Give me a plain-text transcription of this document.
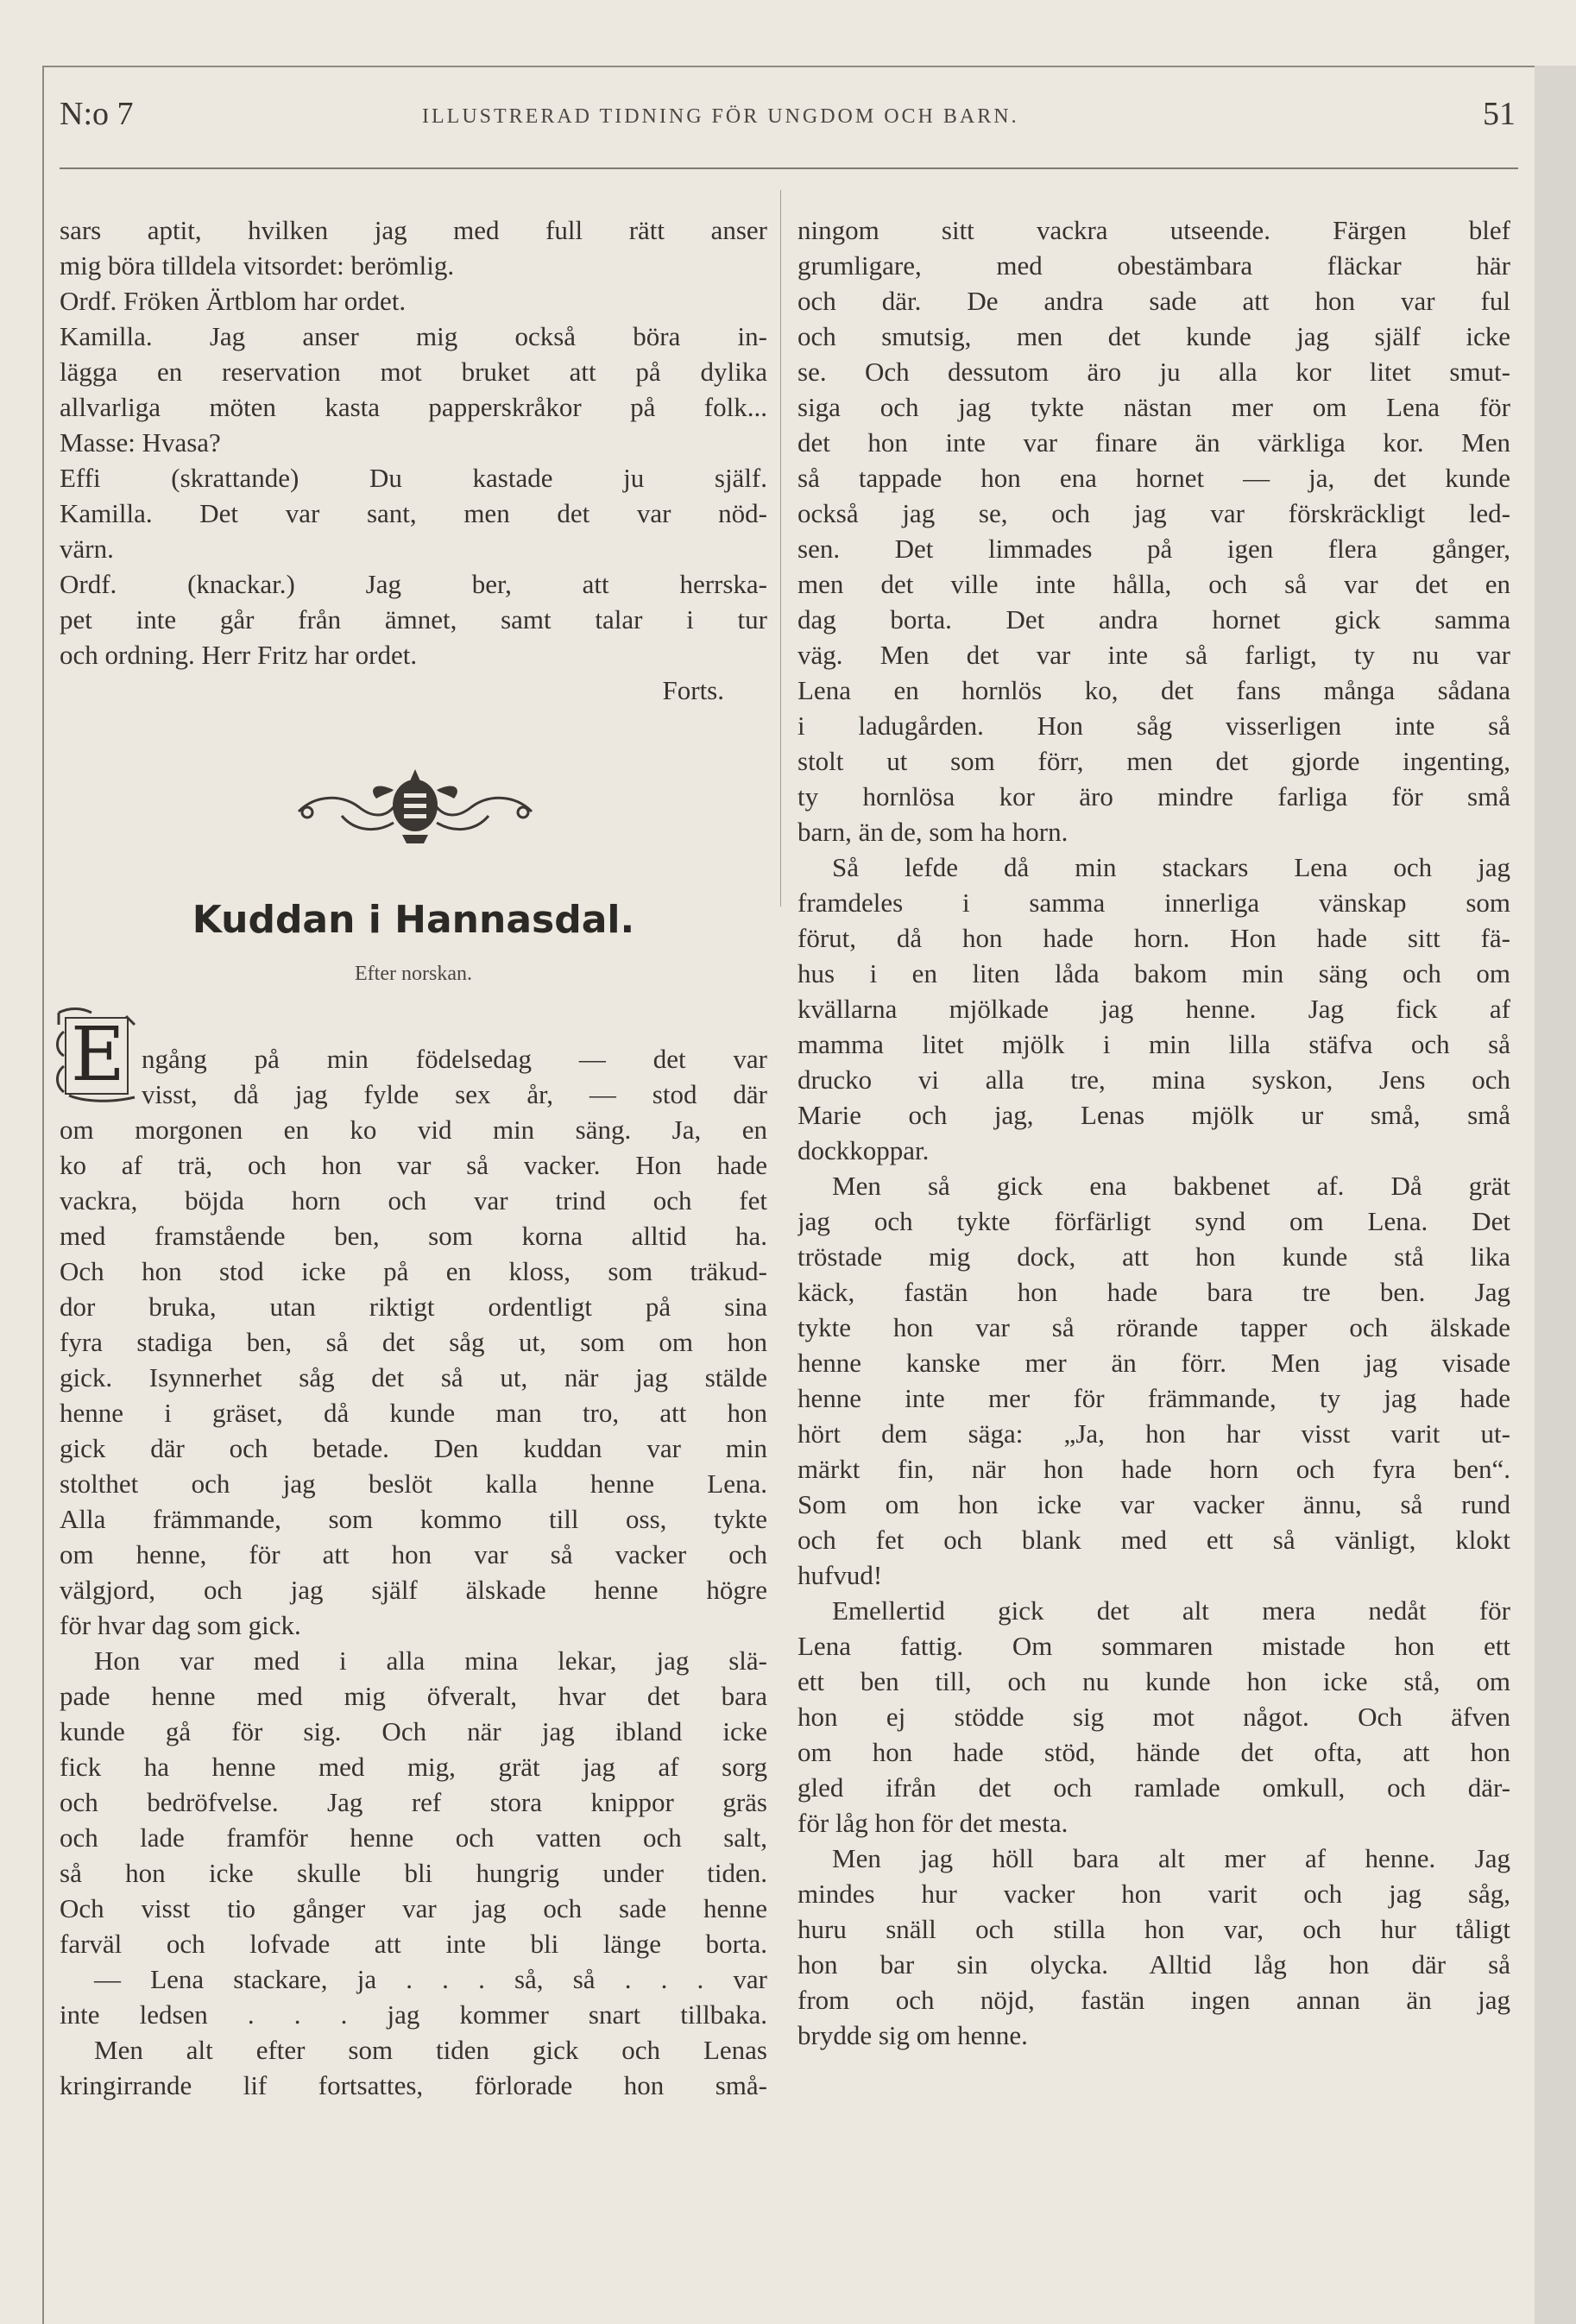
N:o 7	ILLUSTRERAD TIDNING FÖR UNGDOM OCH BARN.	51
sars aptit, hvilken jag med full rätt anser
mig böra tilldela vitsordet: berömlig.
Ordf. Fröken Ärtblom har ordet.
Kamilla. Jag anser mig också böra in-
lägga en reservation mot bruket att på dylika
allvarliga möten kasta papperskråkor på folk...
Masse: Hvasa?
Effi (skrattande) Du kastade ju själf.
Kamilla. Det var sant, men det var nöd-
värn.
Ordf. (knackar.) Jag ber, att herrska-
pet inte går från ämnet, samt talar i tur
och ordning. Herr Fritz har ordet.
Forts.
Kuddan i Hannasdal.
Efter norskan.
E ngång på min födelsedag — det var
visst, då jag fylde sex år, — stod där
om morgonen en ko vid min säng. Ja, en
ko af trä, och hon var så vacker. Hon hade
vackra, böjda horn och var trind och fet
med framstående ben, som korna alltid ha.
Och hon stod icke på en kloss, som träkud-
dor bruka, utan riktigt ordentligt på sina
fyra stadiga ben, så det såg ut, som om hon
gick. Isynnerhet såg det så ut, när jag stälde
henne i gräset, då kunde man tro, att hon
gick där och betade. Den kuddan var min
stolthet och jag beslöt kalla henne Lena.
Alla främmande, som kommo till oss, tykte
om henne, för att hon var så vacker och
välgjord, och jag själf älskade henne högre
för hvar dag som gick.
Hon var med i alla mina lekar, jag slä-
pade henne med mig öfveralt, hvar det bara
kunde gå för sig. Och när jag ibland icke
fick ha henne med mig, grät jag af sorg
och bedröfvelse. Jag ref stora knippor gräs
och lade framför henne och vatten och salt,
så hon icke skulle bli hungrig under tiden.
Och visst tio gånger var jag och sade henne
farväl och lofvade att inte bli länge borta.
— Lena stackare, ja . . . så, så . . . var
inte ledsen . . . jag kommer snart tillbaka.
Men alt efter som tiden gick och Lenas
kringirrande lif fortsattes, förlorade hon små-
ningom sitt vackra utseende. Färgen blef
grumligare, med obestämbara fläckar här
och där. De andra sade att hon var ful
och smutsig, men det kunde jag själf icke
se. Och dessutom äro ju alla kor litet smut-
siga och jag tykte nästan mer om Lena för
det hon inte var finare än värkliga kor. Men
så tappade hon ena hornet — ja, det kunde
också jag se, och jag var förskräckligt led-
sen. Det limmades på igen flera gånger,
men det ville inte hålla, och så var det en
dag borta. Det andra hornet gick samma
väg. Men det var inte så farligt, ty nu var
Lena en hornlös ko, det fans många sådana
i ladugården. Hon såg visserligen inte så
stolt ut som förr, men det gjorde ingenting,
ty hornlösa kor äro mindre farliga för små
barn, än de, som ha horn.
Så lefde då min stackars Lena och jag
framdeles i samma innerliga vänskap som
förut, då hon hade horn. Hon hade sitt fä-
hus i en liten låda bakom min säng och om
kvällarna mjölkade jag henne. Jag fick af
mamma litet mjölk i min lilla stäfva och så
drucko vi alla tre, mina syskon, Jens och
Marie och jag, Lenas mjölk ur små, små
dockkoppar.
Men så gick ena bakbenet af. Då grät
jag och tykte förfärligt synd om Lena. Det
tröstade mig dock, att hon kunde stå lika
käck, fastän hon hade bara tre ben. Jag
tykte hon var så rörande tapper och älskade
henne kanske mer än förr. Men jag visade
henne inte mer för främmande, ty jag hade
hört dem säga: „Ja, hon har visst varit ut-
märkt fin, när hon hade horn och fyra ben“.
Som om hon icke var vacker ännu, så rund
och fet och blank med ett så vänligt, klokt
hufvud!
Emellertid gick det alt mera nedåt för
Lena fattig. Om sommaren mistade hon ett
ett ben till, och nu kunde hon icke stå, om
hon ej stödde sig mot något. Och äfven
om hon hade stöd, hände det ofta, att hon
gled ifrån det och ramlade omkull, och där-
för låg hon för det mesta.
Men jag höll bara alt mer af henne. Jag
mindes hur vacker hon varit och jag såg,
huru snäll och stilla hon var, och hur tåligt
hon bar sin olycka. Alltid låg hon där så
from och nöjd, fastän ingen annan än jag
brydde sig om henne.
